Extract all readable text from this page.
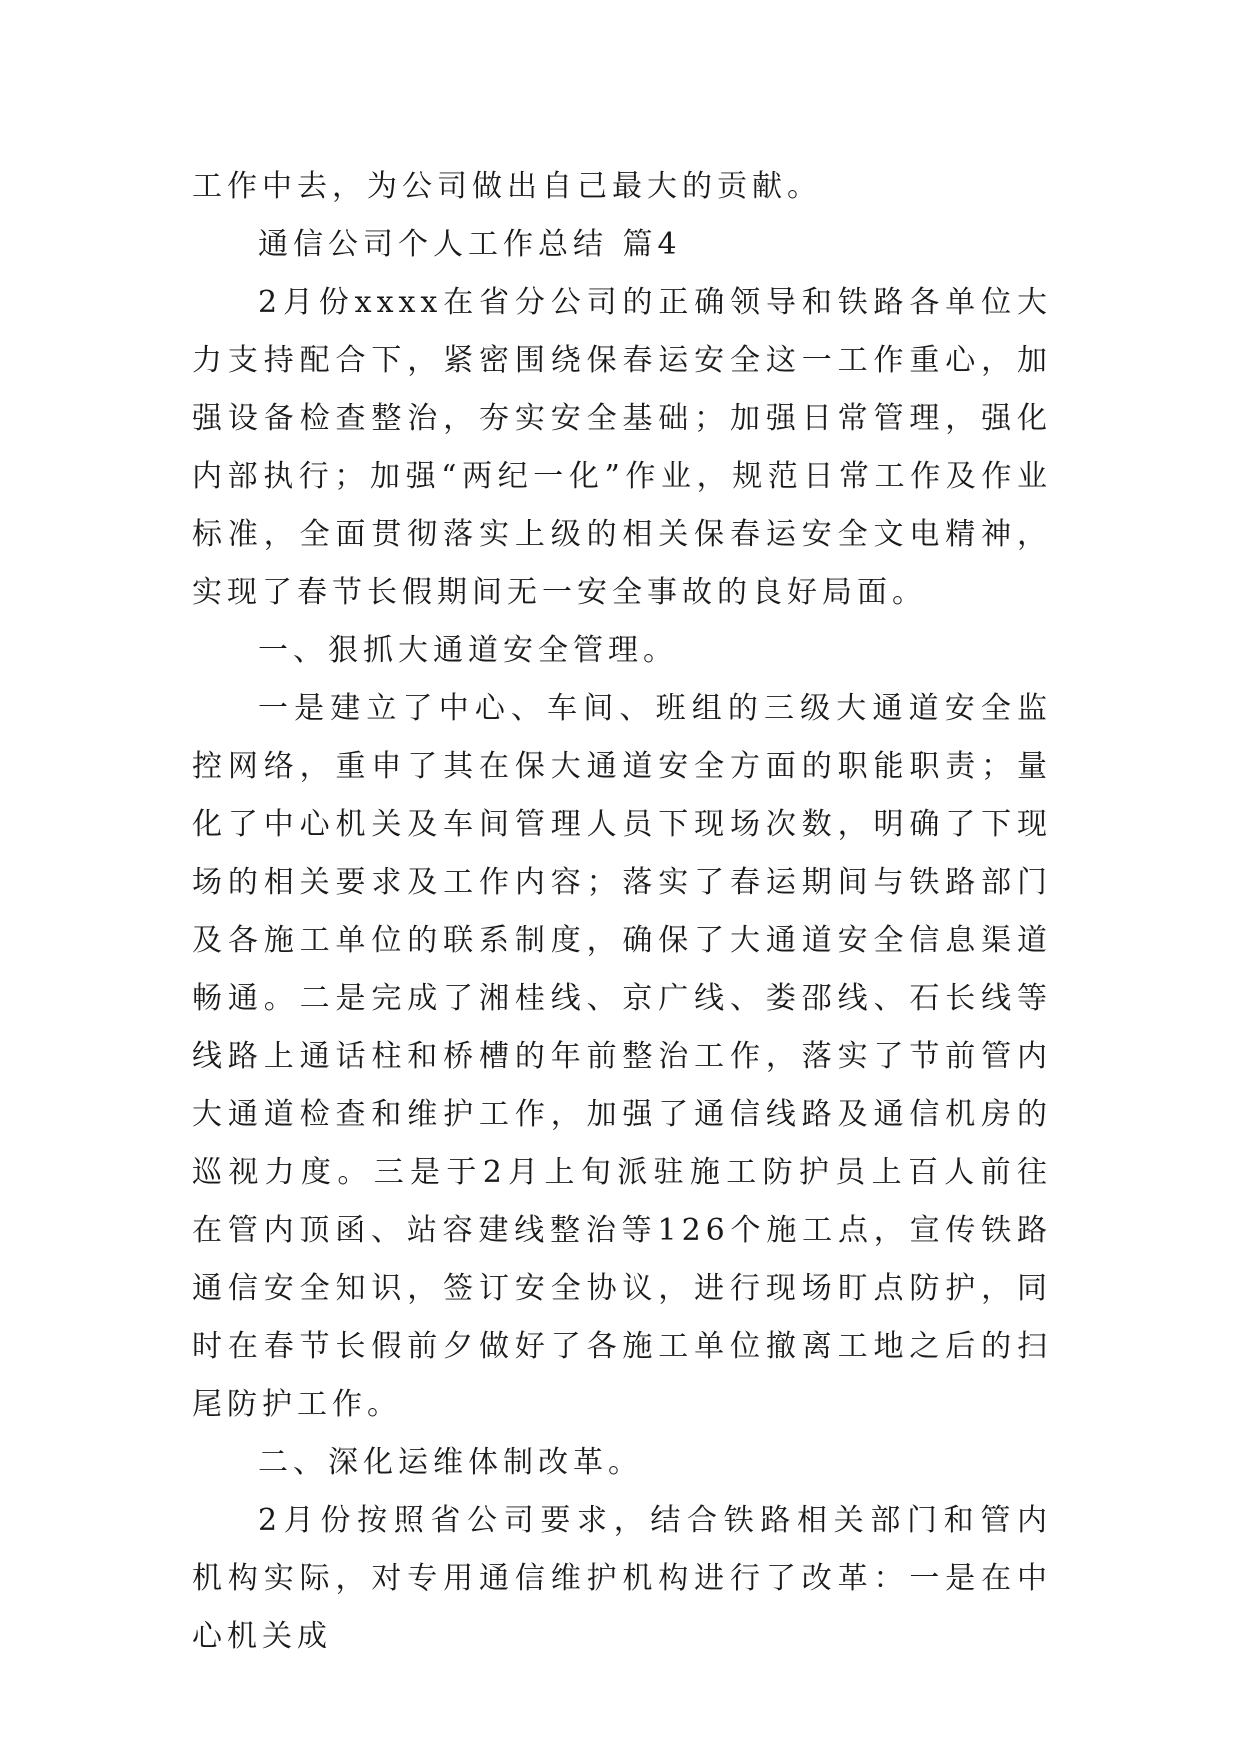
工作中去，为公司做出自己最大的贡献。

通信公司个人工作总结 篇4

2月份xxxx在省分公司的正确领导和铁路各单位大力支持配合下，紧密围绕保春运安全这一工作重心，加强设备检查整治，夯实安全基础；加强日常管理，强化内部执行；加强“两纪一化”作业，规范日常工作及作业标准，全面贯彻落实上级的相关保春运安全文电精神，实现了春节长假期间无一安全事故的良好局面。

一、狠抓大通道安全管理。

一是建立了中心、车间、班组的三级大通道安全监控网络，重申了其在保大通道安全方面的职能职责；量化了中心机关及车间管理人员下现场次数，明确了下现场的相关要求及工作内容；落实了春运期间与铁路部门及各施工单位的联系制度，确保了大通道安全信息渠道畅通。二是完成了湘桂线、京广线、娄邵线、石长线等线路上通话柱和桥槽的年前整治工作，落实了节前管内大通道检查和维护工作，加强了通信线路及通信机房的巡视力度。三是于2月上旬派驻施工防护员上百人前往在管内顶函、站容建线整治等126个施工点，宣传铁路通信安全知识，签订安全协议，进行现场盯点防护，同时在春节长假前夕做好了各施工单位撤离工地之后的扫尾防护工作。

二、深化运维体制改革。

2月份按照省公司要求，结合铁路相关部门和管内机构实际，对专用通信维护机构进行了改革：一是在中心机关成
